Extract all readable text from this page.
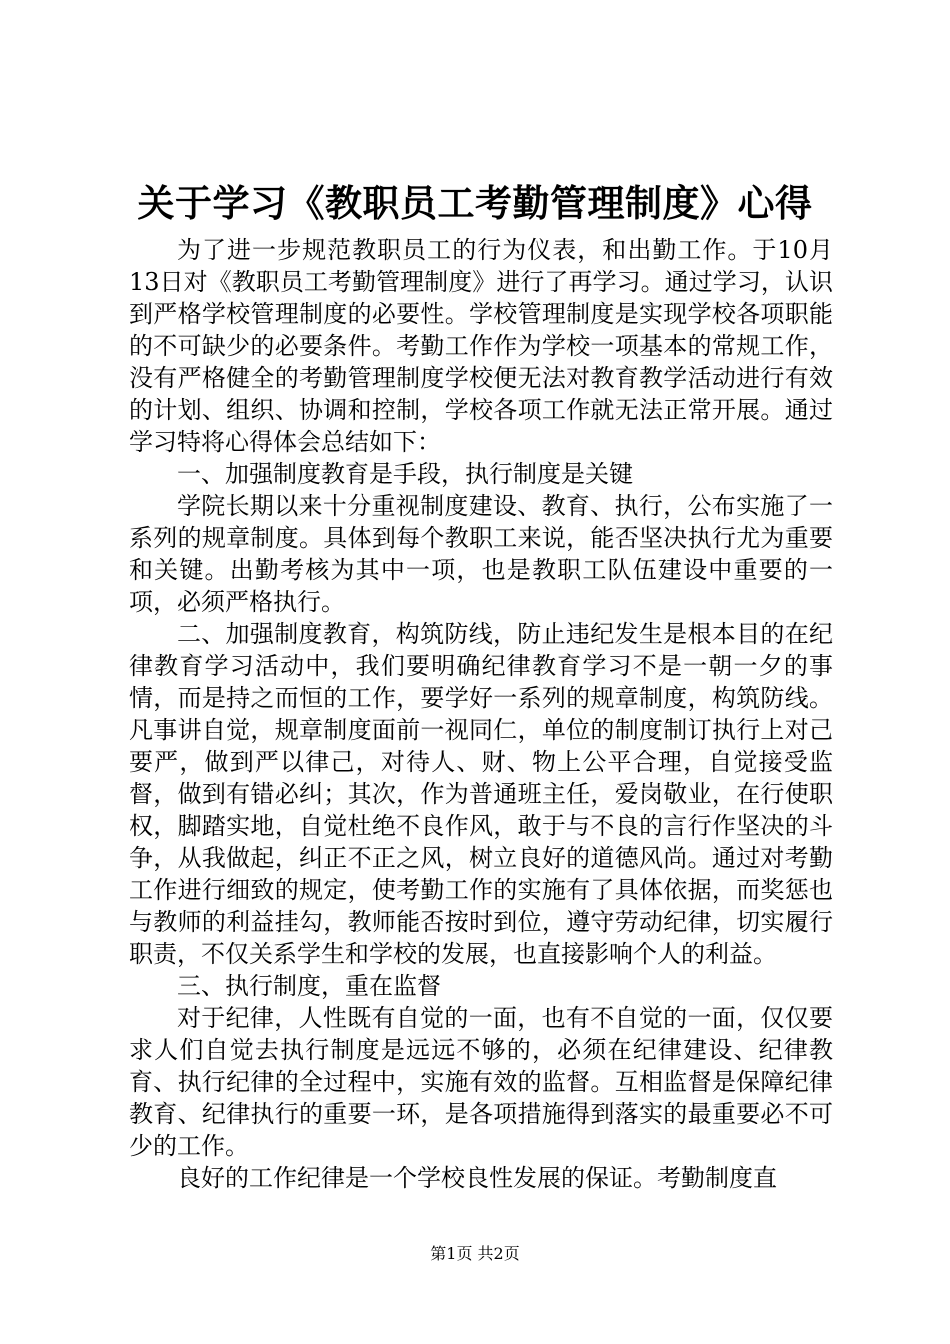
关于学习《教职员工考勤管理制度》心得

为了进一步规范教职员工的行为仪表，和出勤工作。于10月13日对《教职员工考勤管理制度》进行了再学习。通过学习，认识到严格学校管理制度的必要性。学校管理制度是实现学校各项职能的不可缺少的必要条件。考勤工作作为学校一项基本的常规工作，没有严格健全的考勤管理制度学校便无法对教育教学活动进行有效的计划、组织、协调和控制，学校各项工作就无法正常开展。通过学习特将心得体会总结如下：

一、加强制度教育是手段，执行制度是关键

学院长期以来十分重视制度建设、教育、执行，公布实施了一系列的规章制度。具体到每个教职工来说，能否坚决执行尤为重要和关键。出勤考核为其中一项，也是教职工队伍建设中重要的一项，必须严格执行。

二、加强制度教育，构筑防线，防止违纪发生是根本目的在纪律教育学习活动中，我们要明确纪律教育学习不是一朝一夕的事情，而是持之而恒的工作，要学好一系列的规章制度，构筑防线。凡事讲自觉，规章制度面前一视同仁，单位的制度制订执行上对己要严，做到严以律己，对待人、财、物上公平合理，自觉接受监督，做到有错必纠；其次，作为普通班主任，爱岗敬业，在行使职权，脚踏实地，自觉杜绝不良作风，敢于与不良的言行作坚决的斗争，从我做起，纠正不正之风，树立良好的道德风尚。通过对考勤工作进行细致的规定，使考勤工作的实施有了具体依据，而奖惩也与教师的利益挂勾，教师能否按时到位，遵守劳动纪律，切实履行职责，不仅关系学生和学校的发展，也直接影响个人的利益。

三、执行制度，重在监督

对于纪律，人性既有自觉的一面，也有不自觉的一面，仅仅要求人们自觉去执行制度是远远不够的，必须在纪律建设、纪律教育、执行纪律的全过程中，实施有效的监督。互相监督是保障纪律教育、纪律执行的重要一环，是各项措施得到落实的最重要必不可少的工作。

良好的工作纪律是一个学校良性发展的保证。考勤制度直

第1页 共2页
